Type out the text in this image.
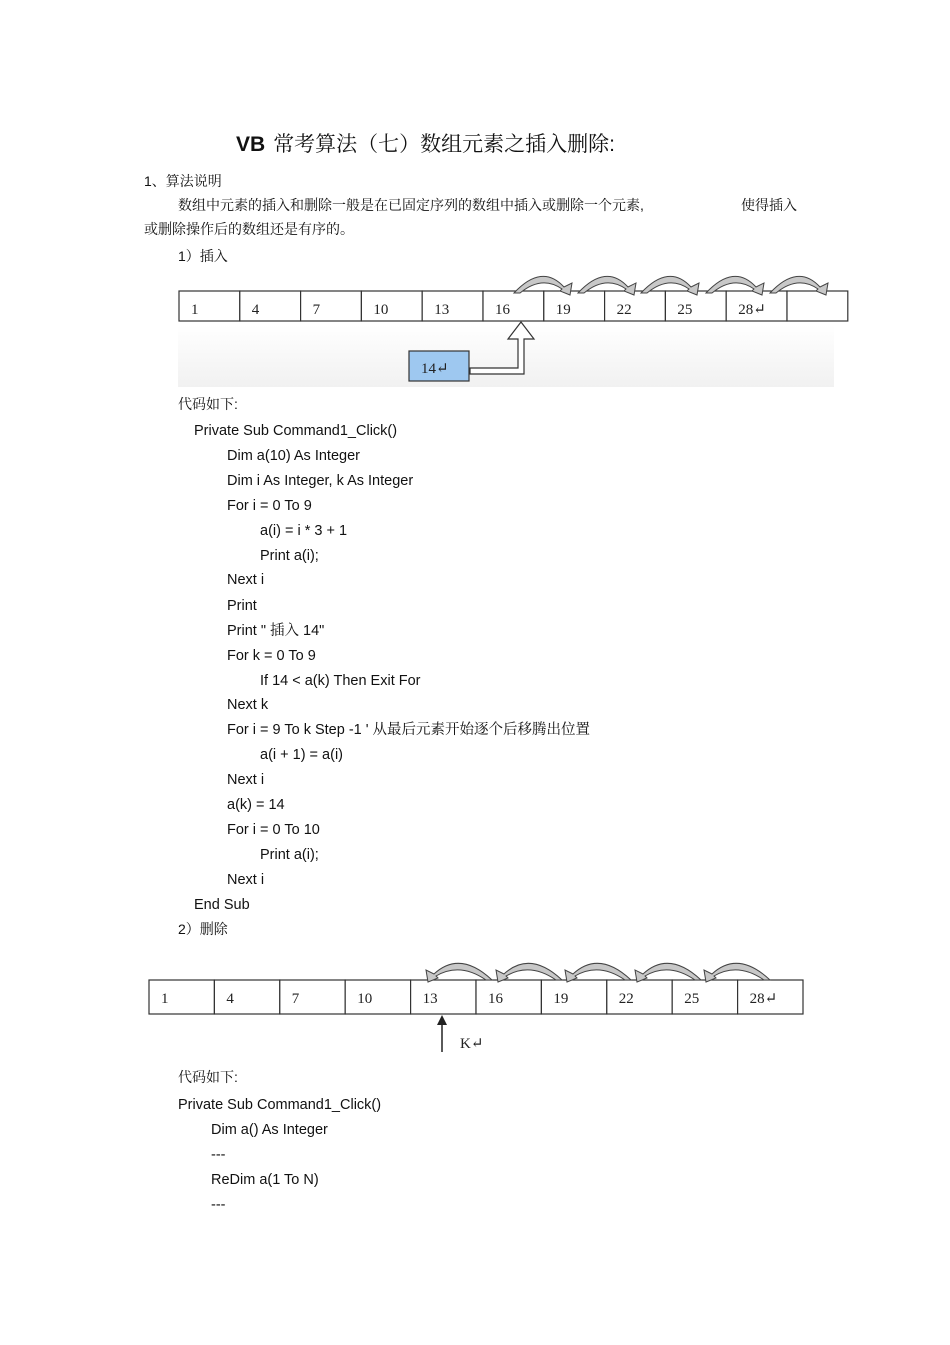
VB 常考算法（七）数组元素之插入删除:
1、算法说明
数组中元素的插入和删除一般是在已固定序列的数组中插入或删除一个元素,	使得插入
或删除操作后的数组还是有序的。
1）插入
1	4	7	10	13	16	19	22	25	28↵
14↵
代码如下:
Private Sub Command1_Click()
Dim a(10) As Integer
Dim i As Integer, k As Integer
For i = 0 To 9
a(i) = i * 3 + 1
Print a(i);
Next i
Print
Print " 插入 14"
For k = 0 To 9
If 14 < a(k) Then Exit For
Next k
For i = 9 To k Step -1 ' 从最后元素开始逐个后移腾出位置
a(i + 1) = a(i)
Next i
a(k) = 14
For i = 0 To 10
Print a(i);
Next i
End Sub
2）删除
1	4	7	10	13	16	19	22	25	28↵
K↵
代码如下:
Private Sub Command1_Click()
Dim a() As Integer
---
ReDim a(1 To N)
---
